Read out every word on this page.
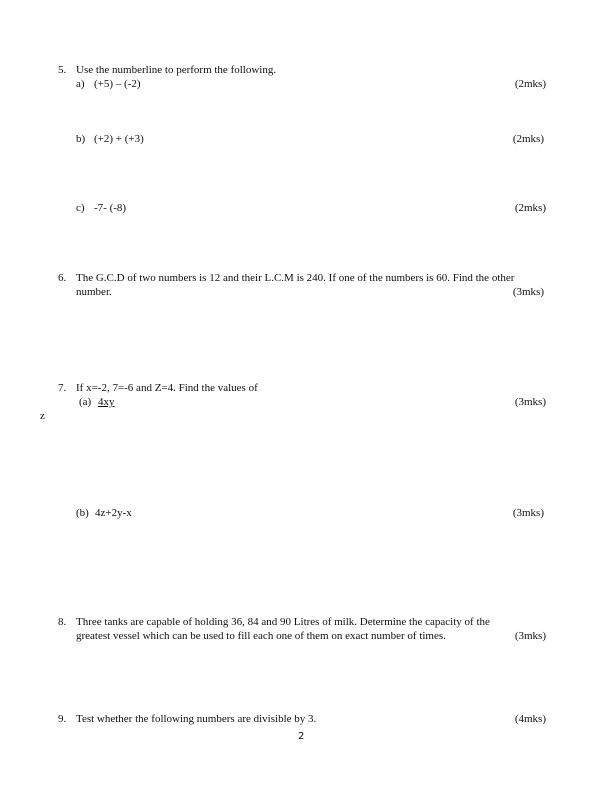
5. Use the numberline to perform the following.
a) (+5) – (-2)	(2mks)
b) (+2) + (+3)	(2mks)
c) -7- (-8)	(2mks)
6. The G.C.D of two numbers is 12 and their L.C.M is 240. If one of the numbers is 60. Find the other
number.	(3mks)
7. If x=-2, 7=-6 and Z=4. Find the values of
(a) 4xy
z
(3mks)
(b) 4z+2y-x	(3mks)
8. Three tanks are capable of holding 36, 84 and 90 Litres of milk. Determine the capacity of the
greatest vessel which can be used to fill each one of them on exact number of times.	(3mks)
9. Test whether the following numbers are divisible by 3.	(4mks)
2
